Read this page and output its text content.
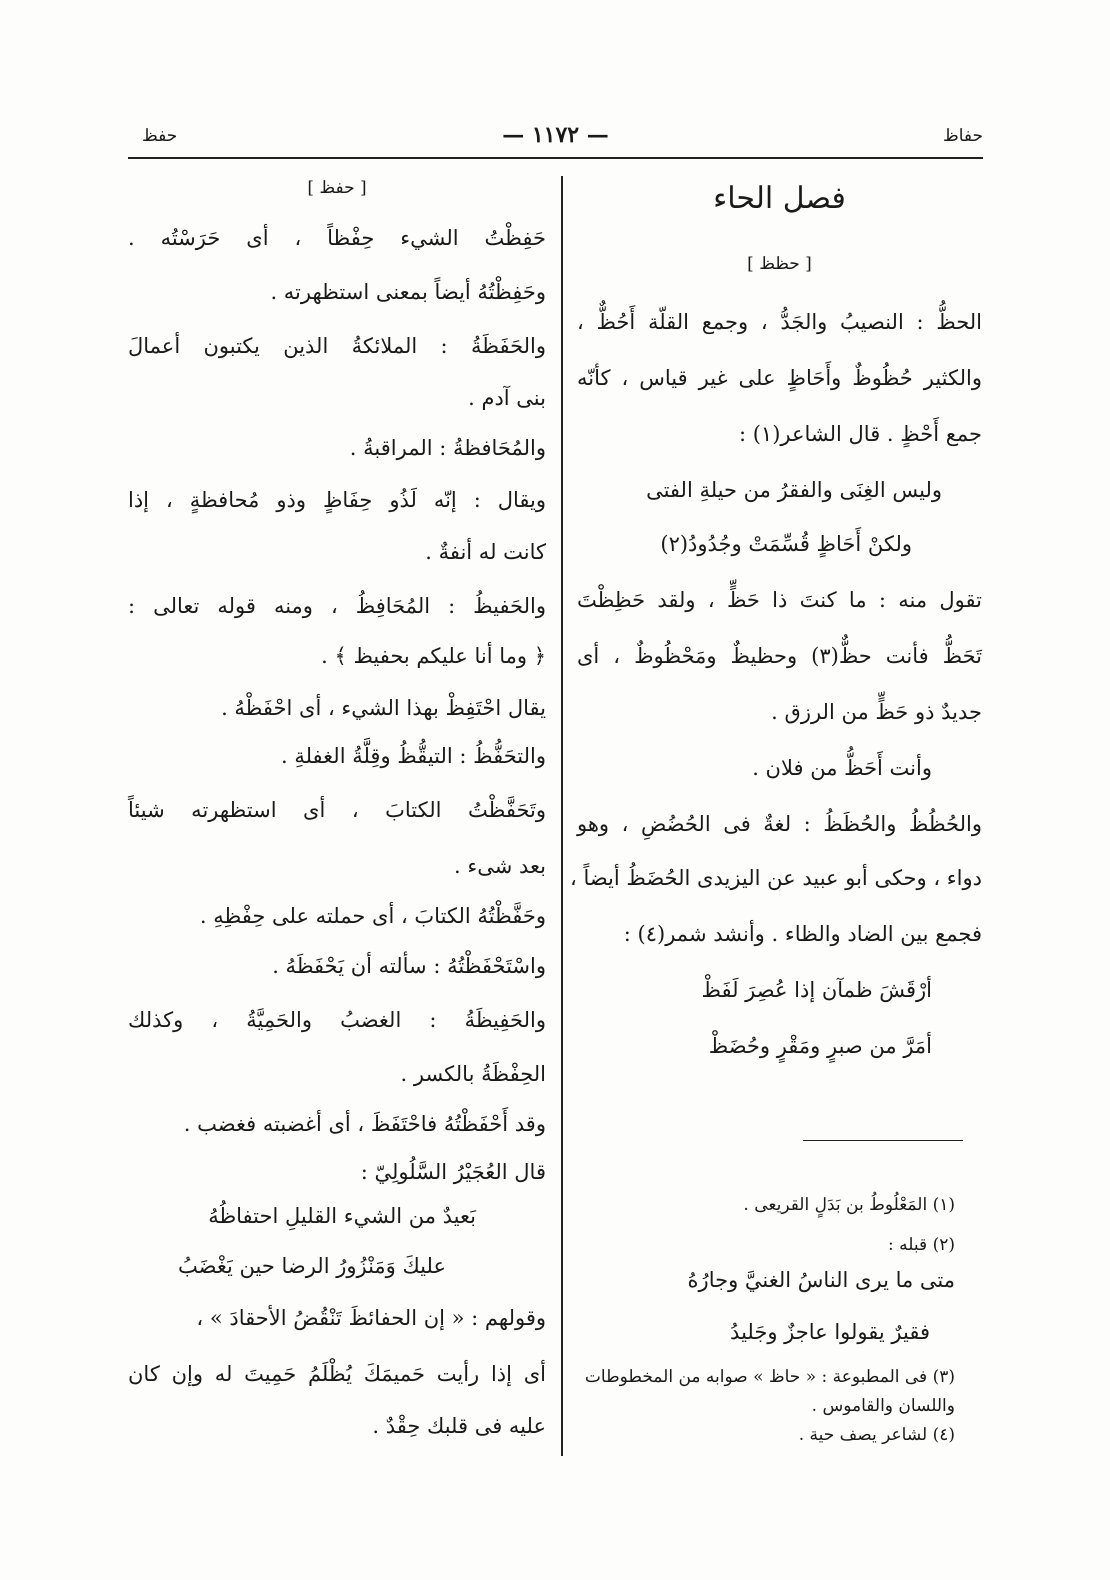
حفاظ
— ١١٧٢ —
حفظ
فصل الحاء
[ حظظ ]
الحظُّ : النصيبُ والجَدُّ ، وجمع القلّة أَحُظٌّ ،
والكثير حُظُوظٌ وأَحَاظٍ على غير قياس ، كأنّه
جمع أَحْظٍ . قال الشاعر(١) :
وليس الغِنَى والفقرُ من حيلةِ الفتى
ولكنْ أَحَاظٍ قُسِّمَتْ وجُدُودُ(٢)
تقول منه : ما كنتَ ذا حَظٍّ ، ولقد حَظِظْتَ
تَحَظُّ فأنت حظٌّ(٣) وحظيظٌ ومَحْظُوظٌ ، أى
جديدٌ ذو حَظٍّ من الرزق .
وأنت أَحَظُّ من فلان .
والحُظُظُ والحُظَظُ : لغةٌ فى الحُضُضِ ، وهو
دواء ، وحكى أبو عبيد عن اليزيدى الحُضَظُ أيضاً ،
فجمع بين الضاد والظاء . وأنشد شمر(٤) :
أرْقَشَ ظمآن إذا عُصِرَ لَفَظْ
أمَرَّ من صبرٍ ومَقْرٍ وحُضَظْ
(١) المَعْلُوطُ بن بَدَلٍ القريعى .
(٢) قبله :
متى ما يرى الناسُ الغنيَّ وجارُهُ
فقيرٌ يقولوا عاجزٌ وجَليدُ
(٣) فى المطبوعة : « حاظ » صوابه من المخطوطات
واللسان والقاموس .
(٤) لشاعر يصف حية .
[ حفظ ]
حَفِظْتُ الشيء حِفْظاً ، أى حَرَسْتُه .
وحَفِظْتُهُ أيضاً بمعنى استظهرته .
والحَفَظَةُ : الملائكةُ الذين يكتبون أعمالَ
بنى آدم .
والمُحَافظةُ : المراقبةُ .
ويقال : إنّه لَذُو حِفَاظٍ وذو مُحافظةٍ ، إذا
كانت له أنفةٌ .
والحَفيظُ : المُحَافِظُ ، ومنه قوله تعالى :
﴿ وما أنا عليكم بحفيظ ﴾ .
يقال احْتَفِظْ بهذا الشيء ، أى احْفَظْهُ .
والتحَفُّظُ : التيقُّظُ وقِلَّةُ الغفلةِ .
وتَحَفَّظْتُ الكتابَ ، أى استظهرته شيئاً
بعد شىء .
وحَفَّظْتُهُ الكتابَ ، أى حملته على حِفْظِهِ .
واسْتَحْفَظْتُهُ : سألته أن يَحْفَظَهُ .
والحَفِيظَةُ : الغضبُ والحَمِيَّةُ ، وكذلك
الحِفْظَةُ بالكسر .
وقد أَحْفَظْتُهُ فاحْتَفَظَ ، أى أغضبته فغضب .
قال العُجَيْرُ السَّلُولِيّ :
بَعيدٌ من الشيء القليلِ احتفاظُهُ
عليكَ وَمَنْزُورُ الرضا حين يَغْضَبُ
وقولهم : « إن الحفائظَ تَنْقُضُ الأحقادَ » ،
أى إذا رأيت حَميمَكَ يُظْلَمُ حَمِيتَ له وإن كان
عليه فى قلبك حِقْدٌ .
